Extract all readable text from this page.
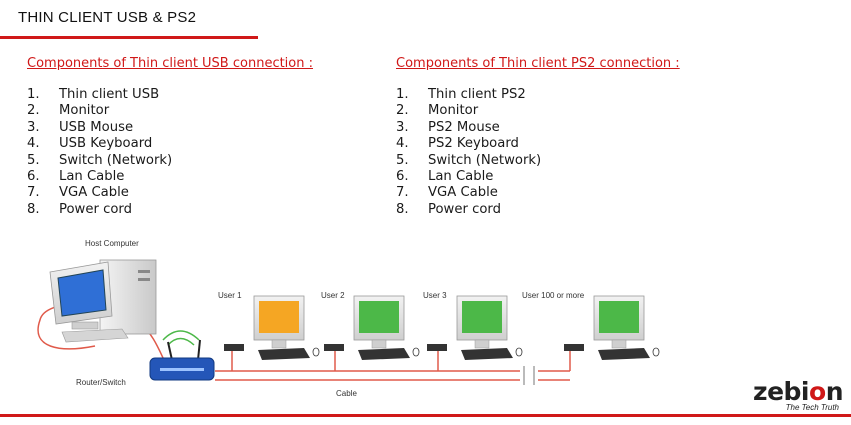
THIN CLIENT USB & PS2
Components of Thin client USB connection :
1.	Thin client USB
2.	Monitor
3.	USB Mouse
4.	USB Keyboard
5.	Switch (Network)
6.	Lan Cable
7.	VGA Cable
8.	Power cord
Components of Thin client PS2 connection :
1.	Thin client PS2
2.	Monitor
3.	PS2 Mouse
4.	PS2 Keyboard
5.	Switch (Network)
6.	Lan Cable
7.	VGA Cable
8.	Power cord
Host Computer
User 1	User 2	User 3	User 100 or more
Router/Switch
Cable	zebion
The Tech Truth
